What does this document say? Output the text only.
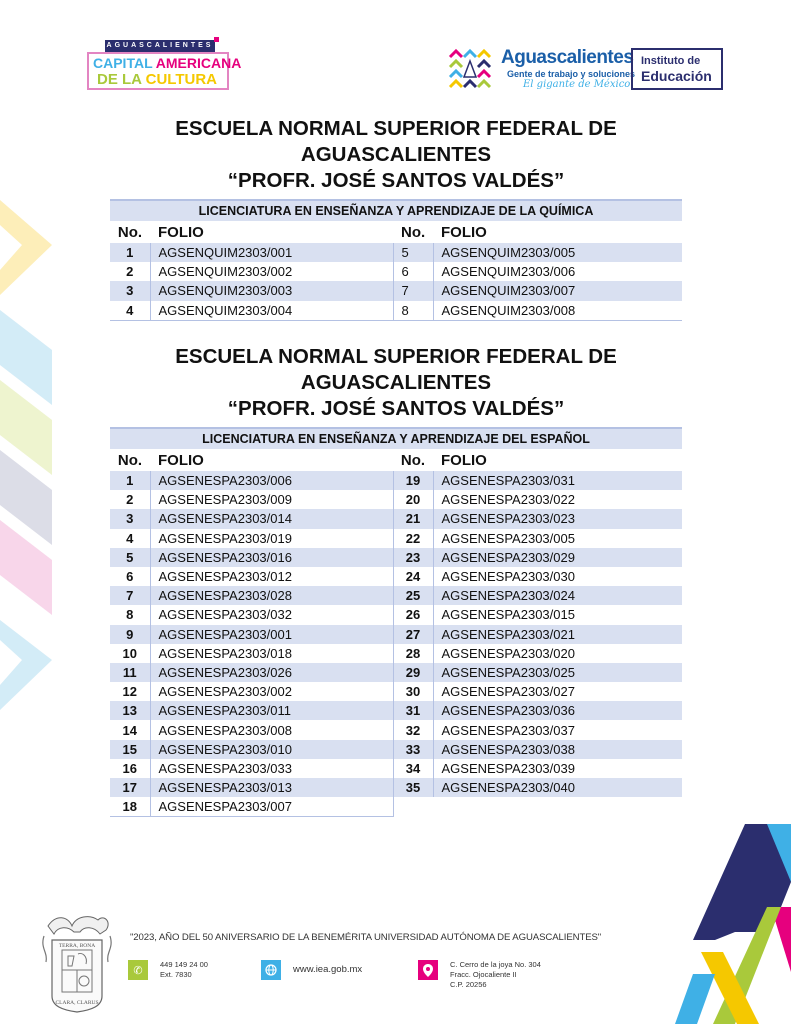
AGUASCALIENTES
CAPITAL AMERICANA
DE LA CULTURA
Aguascalientes
Gente de trabajo y soluciones
El gigante de México
Instituto de
Educación
ESCUELA NORMAL SUPERIOR FEDERAL DE
AGUASCALIENTES
“PROFR. JOSÉ SANTOS VALDÉS”
LICENCIATURA EN ENSEÑANZA Y APRENDIZAJE DE LA QUÍMICA			
No.	FOLIO	No.	FOLIO
1	AGSENQUIM2303/001	5	AGSENQUIM2303/005
2	AGSENQUIM2303/002	6	AGSENQUIM2303/006
3	AGSENQUIM2303/003	7	AGSENQUIM2303/007
4	AGSENQUIM2303/004	8	AGSENQUIM2303/008
ESCUELA NORMAL SUPERIOR FEDERAL DE
AGUASCALIENTES
“PROFR. JOSÉ SANTOS VALDÉS”
LICENCIATURA EN ENSEÑANZA Y APRENDIZAJE DEL ESPAÑOL			
No.	FOLIO	No.	FOLIO
1	AGSENESPA2303/006	19	AGSENESPA2303/031
2	AGSENESPA2303/009	20	AGSENESPA2303/022
3	AGSENESPA2303/014	21	AGSENESPA2303/023
4	AGSENESPA2303/019	22	AGSENESPA2303/005
5	AGSENESPA2303/016	23	AGSENESPA2303/029
6	AGSENESPA2303/012	24	AGSENESPA2303/030
7	AGSENESPA2303/028	25	AGSENESPA2303/024
8	AGSENESPA2303/032	26	AGSENESPA2303/015
9	AGSENESPA2303/001	27	AGSENESPA2303/021
10	AGSENESPA2303/018	28	AGSENESPA2303/020
11	AGSENESPA2303/026	29	AGSENESPA2303/025
12	AGSENESPA2303/002	30	AGSENESPA2303/027
13	AGSENESPA2303/011	31	AGSENESPA2303/036
14	AGSENESPA2303/008	32	AGSENESPA2303/037
15	AGSENESPA2303/010	33	AGSENESPA2303/038
16	AGSENESPA2303/033	34	AGSENESPA2303/039
17	AGSENESPA2303/013	35	AGSENESPA2303/040
18	AGSENESPA2303/007		
TERRA, BONA
CLARA, CLARUS
"2023, AÑO DEL 50 ANIVERSARIO DE LA BENEMÉRITA UNIVERSIDAD AUTÓNOMA DE AGUASCALIENTES"
✆	449 149 24 00
Ext. 7830	www.iea.gob.mx	C. Cerro de la joya No. 304
Fracc. Ojocaliente II
C.P. 20256
